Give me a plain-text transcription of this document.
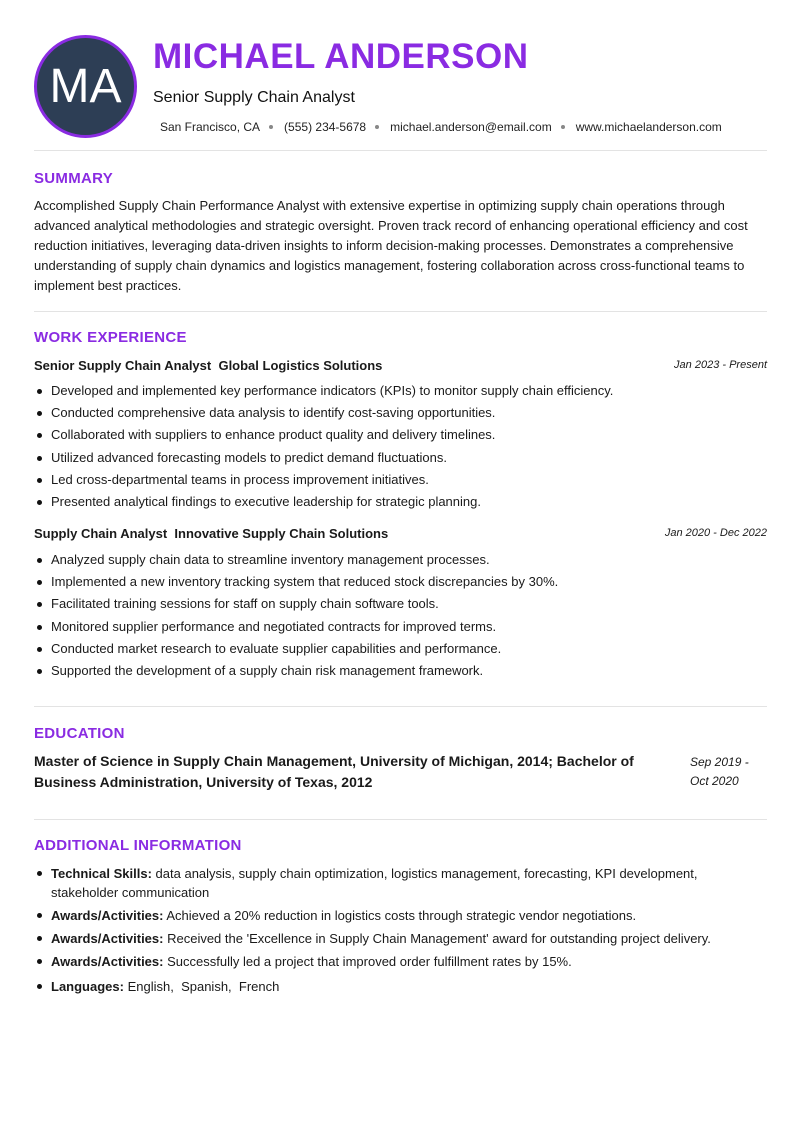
MA
MICHAEL ANDERSON
Senior Supply Chain Analyst
San Francisco, CA (555) 234-5678 michael.anderson@email.com www.michaelanderson.com
SUMMARY
Accomplished Supply Chain Performance Analyst with extensive expertise in optimizing supply chain operations through advanced analytical methodologies and strategic oversight. Proven track record of enhancing operational efficiency and cost reduction initiatives, leveraging data-driven insights to inform decision-making processes. Demonstrates a comprehensive understanding of supply chain dynamics and logistics management, fostering collaboration across cross-functional teams to implement best practices.
WORK EXPERIENCE
Senior Supply Chain Analyst Global Logistics Solutions	Jan 2023 - Present
Developed and implemented key performance indicators (KPIs) to monitor supply chain efficiency.
Conducted comprehensive data analysis to identify cost-saving opportunities.
Collaborated with suppliers to enhance product quality and delivery timelines.
Utilized advanced forecasting models to predict demand fluctuations.
Led cross-departmental teams in process improvement initiatives.
Presented analytical findings to executive leadership for strategic planning.
Supply Chain Analyst Innovative Supply Chain Solutions	Jan 2020 - Dec 2022
Analyzed supply chain data to streamline inventory management processes.
Implemented a new inventory tracking system that reduced stock discrepancies by 30%.
Facilitated training sessions for staff on supply chain software tools.
Monitored supplier performance and negotiated contracts for improved terms.
Conducted market research to evaluate supplier capabilities and performance.
Supported the development of a supply chain risk management framework.
EDUCATION
Master of Science in Supply Chain Management, University of Michigan, 2014; Bachelor of Business Administration, University of Texas, 2012
Sep 2019 -
Oct 2020
ADDITIONAL INFORMATION
Technical Skills: data analysis, supply chain optimization, logistics management, forecasting, KPI development, stakeholder communication
Awards/Activities: Achieved a 20% reduction in logistics costs through strategic vendor negotiations.
Awards/Activities: Received the 'Excellence in Supply Chain Management' award for outstanding project delivery.
Awards/Activities: Successfully led a project that improved order fulfillment rates by 15%.
Languages: English,  Spanish,  French
